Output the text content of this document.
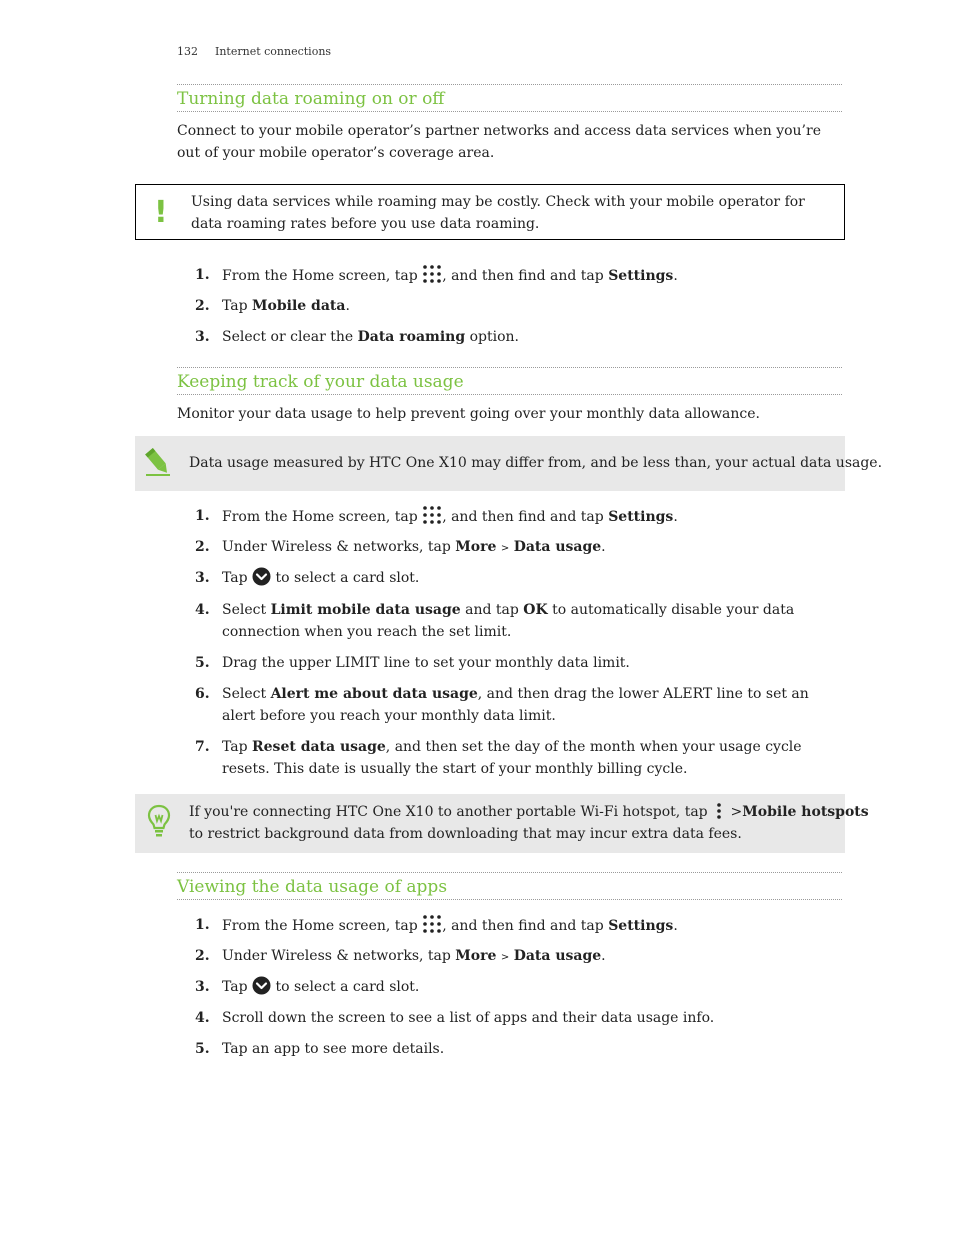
132 Internet connections
Turning data roaming on or off

Connect to your mobile operator’s partner networks and access data services when you’re out of your mobile operator’s coverage area.

! Using data services while roaming may be costly. Check with your mobile operator for data roaming rates before you use data roaming.
1. From the Home screen, tap , and then find and tap Settings.
2. Tap Mobile data.
3. Select or clear the Data roaming option.
Keeping track of your data usage

Monitor your data usage to help prevent going over your monthly data allowance.

Data usage measured by HTC One X10 may differ from, and be less than, your actual data usage.
1. From the Home screen, tap , and then find and tap Settings.
2. Under Wireless & networks, tap More > Data usage.
3. Tap to select a card slot.
4. Select Limit mobile data usage and tap OK to automatically disable your data connection when you reach the set limit.
5. Drag the upper LIMIT line to set your monthly data limit.
6. Select Alert me about data usage, and then drag the lower ALERT line to set an alert before you reach your monthly data limit.
7. Tap Reset data usage, and then set the day of the month when your usage cycle resets. This date is usually the start of your monthly billing cycle.
If you're connecting HTC One X10 to another portable Wi-Fi hotspot, tap >Mobile hotspots
to restrict background data from downloading that may incur extra data fees.
Viewing the data usage of apps
1. From the Home screen, tap , and then find and tap Settings.
2. Under Wireless & networks, tap More > Data usage.
3. Tap to select a card slot.
4. Scroll down the screen to see a list of apps and their data usage info.
5. Tap an app to see more details.
